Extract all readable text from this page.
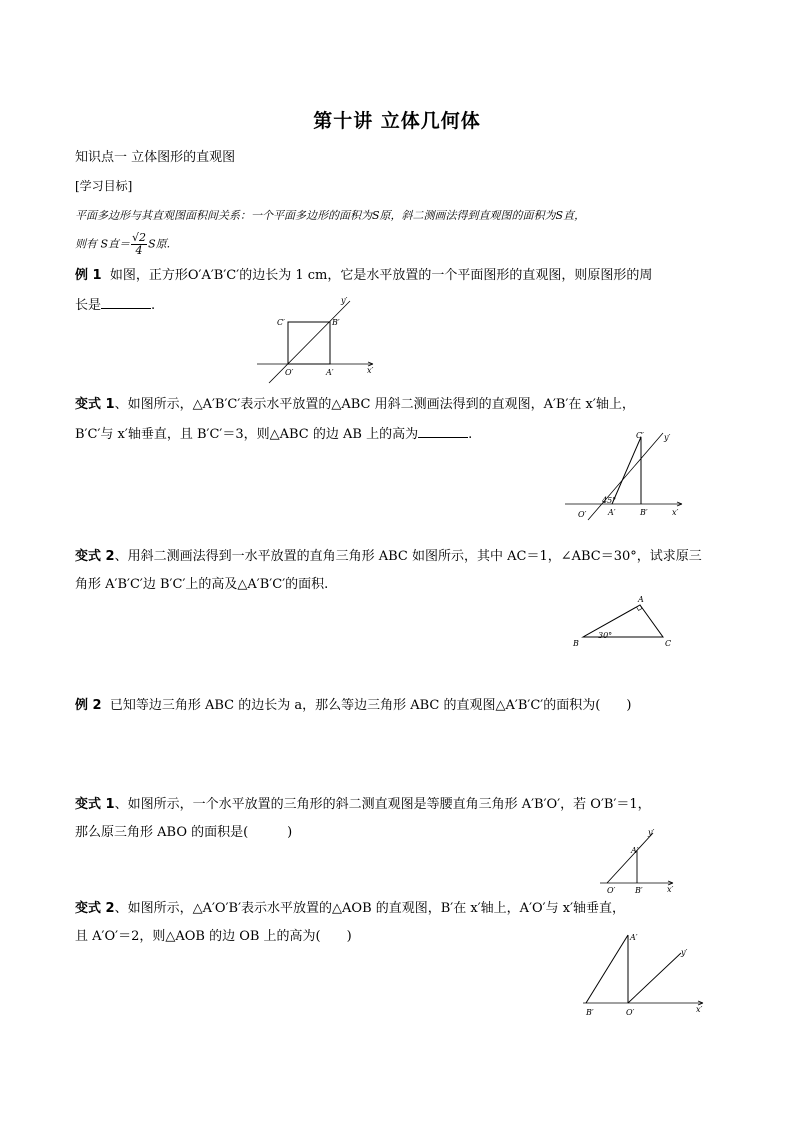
第十讲 立体几何体
知识点一 立体图形的直观图
[学习目标]
平面多边形与其直观图面积间关系：一个平面多边形的面积为S原，斜二测画法得到直观图的面积为S直，
则有 S直＝ $\frac{√2}{4}$ S原.
例 1 如图，正方形O′A′B′C′的边长为 1 cm，它是水平放置的一个平面图形的直观图，则原图形的周
长是	.
C′	B′
O′	A′	x′
y′
变式 1、如图所示，△A′B′C′表示水平放置的△ABC 用斜二测画法得到的直观图，A′B′在 x′轴上，
B′C′与 x′轴垂直，且 B′C′＝3，则△ABC 的边 AB 上的高为	.	C′	y′
45°
O′	A′	B′	x′
变式 2、用斜二测画法得到一水平放置的直角三角形 ABC 如图所示，其中 AC＝1，∠ABC＝30°，试求原三
角形 A′B′C′边 B′C′上的高及△A′B′C′的面积.
A
B	C
30°
例 2 已知等边三角形 ABC 的边长为 a，那么等边三角形 ABC 的直观图△A′B′C′的面积为(　　)
变式 1、如图所示，一个水平放置的三角形的斜二测直观图是等腰直角三角形 A′B′O′，若 O′B′＝1，
那么原三角形 ABO 的面积是(　　　)	y′
A′
O′ B′	x′
变式 2、如图所示，△A′O′B′表示水平放置的△AOB 的直观图，B′在 x′轴上，A′O′与 x′轴垂直，
且 A′O′＝2，则△AOB 的边 OB 上的高为(　　)	A′
y′
B′	O′	x′
